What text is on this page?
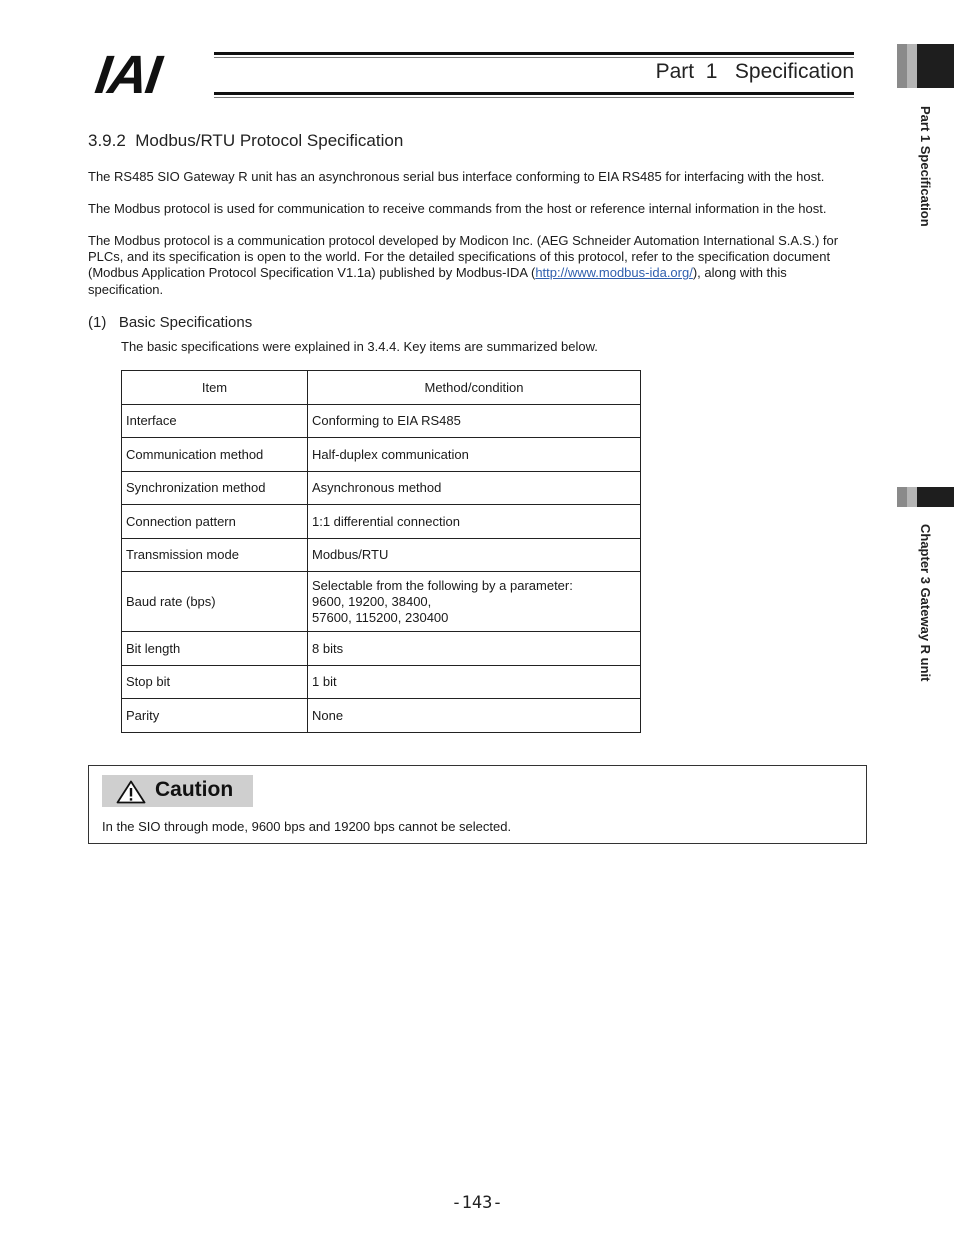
IAI	Part  1   Specification
Part 1 Specification
Chapter 3 Gateway R unit
3.9.2  Modbus/RTU Protocol Specification

The RS485 SIO Gateway R unit has an asynchronous serial bus interface conforming to EIA RS485 for interfacing with the host.

The Modbus protocol is used for communication to receive commands from the host or reference internal information in the host.

The Modbus protocol is a communication protocol developed by Modicon Inc. (AEG Schneider Automation International S.A.S.) for PLCs, and its specification is open to the world. For the detailed specifications of this protocol, refer to the specification document (Modbus Application Protocol Specification V1.1a) published by Modbus-IDA (http://www.modbus-ida.org/), along with this specification.

(1)   Basic Specifications
The basic specifications were explained in 3.4.4. Key items are summarized below.
Item	Method/condition
Interface	Conforming to EIA RS485
Communication method	Half-duplex communication
Synchronization method	Asynchronous method
Connection pattern	1:1 differential connection
Transmission mode	Modbus/RTU
Baud rate (bps)	Selectable from the following by a parameter:
9600, 19200, 38400,
57600, 115200, 230400
Bit length	8 bits
Stop bit	1 bit
Parity	None
Caution
In the SIO through mode, 9600 bps and 19200 bps cannot be selected.
-143-
